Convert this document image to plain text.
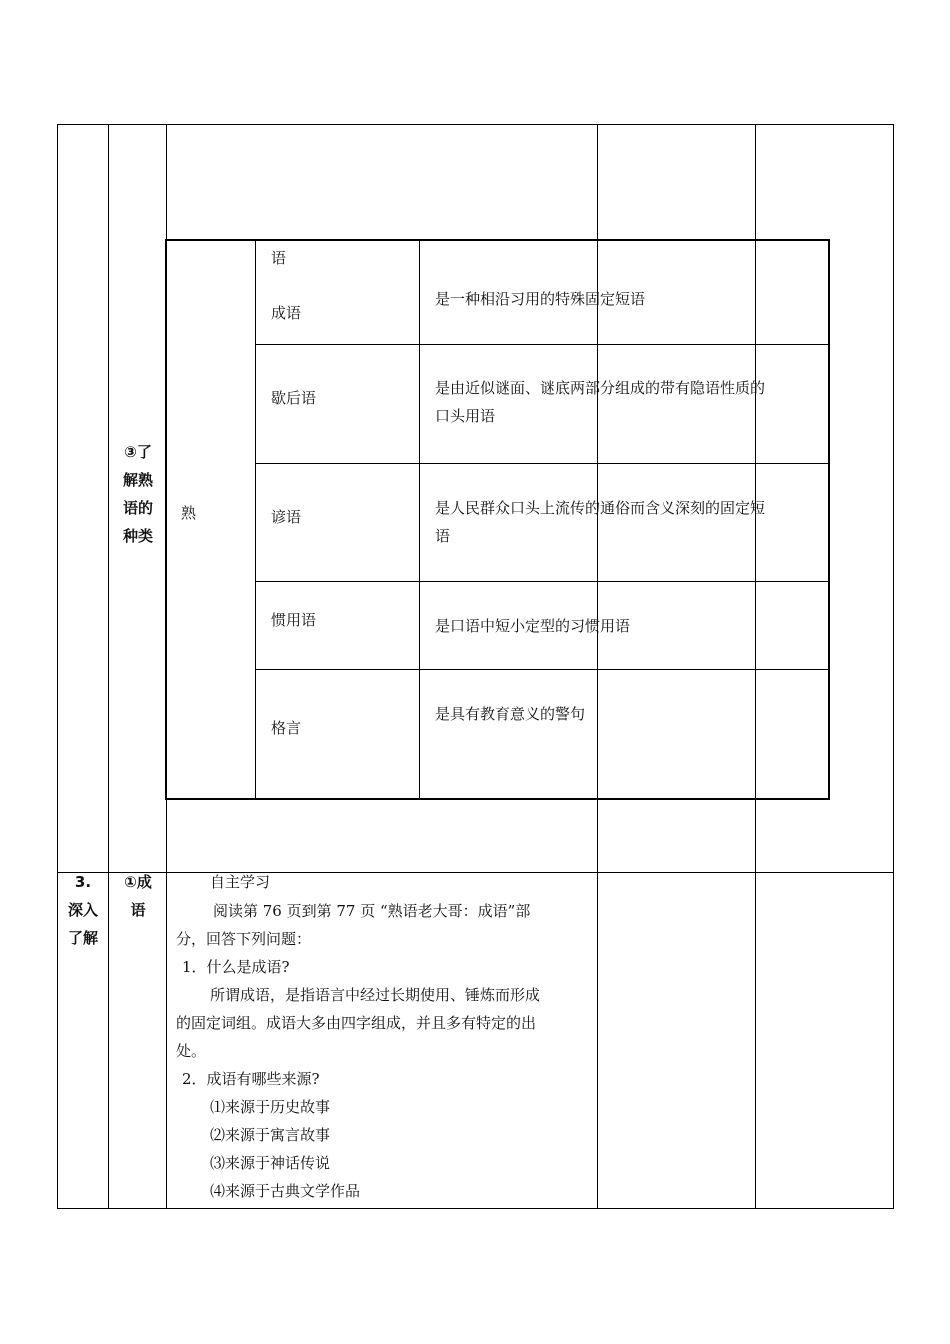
③了
解熟
语的
种类
熟
语
成语
是一种相沿习用的特殊固定短语
歇后语
是由近似谜面、谜底两部分组成的带有隐语性质的
口头用语
谚语	是人民群众口头上流传的通俗而含义深刻的固定短
语
惯用语	是口语中短小定型的习惯用语
格言
是具有教育意义的警句
3.
深入
了解
①成
语
自主学习
阅读第 76 页到第 77 页 “熟语老大哥：成语”部
分，回答下列问题：
1．什么是成语?
所谓成语，是指语言中经过长期使用、锤炼而形成
的固定词组。成语大多由四字组成，并且多有特定的出
处。
2．成语有哪些来源?
⑴来源于历史故事
⑵来源于寓言故事
⑶来源于神话传说
⑷来源于古典文学作品
